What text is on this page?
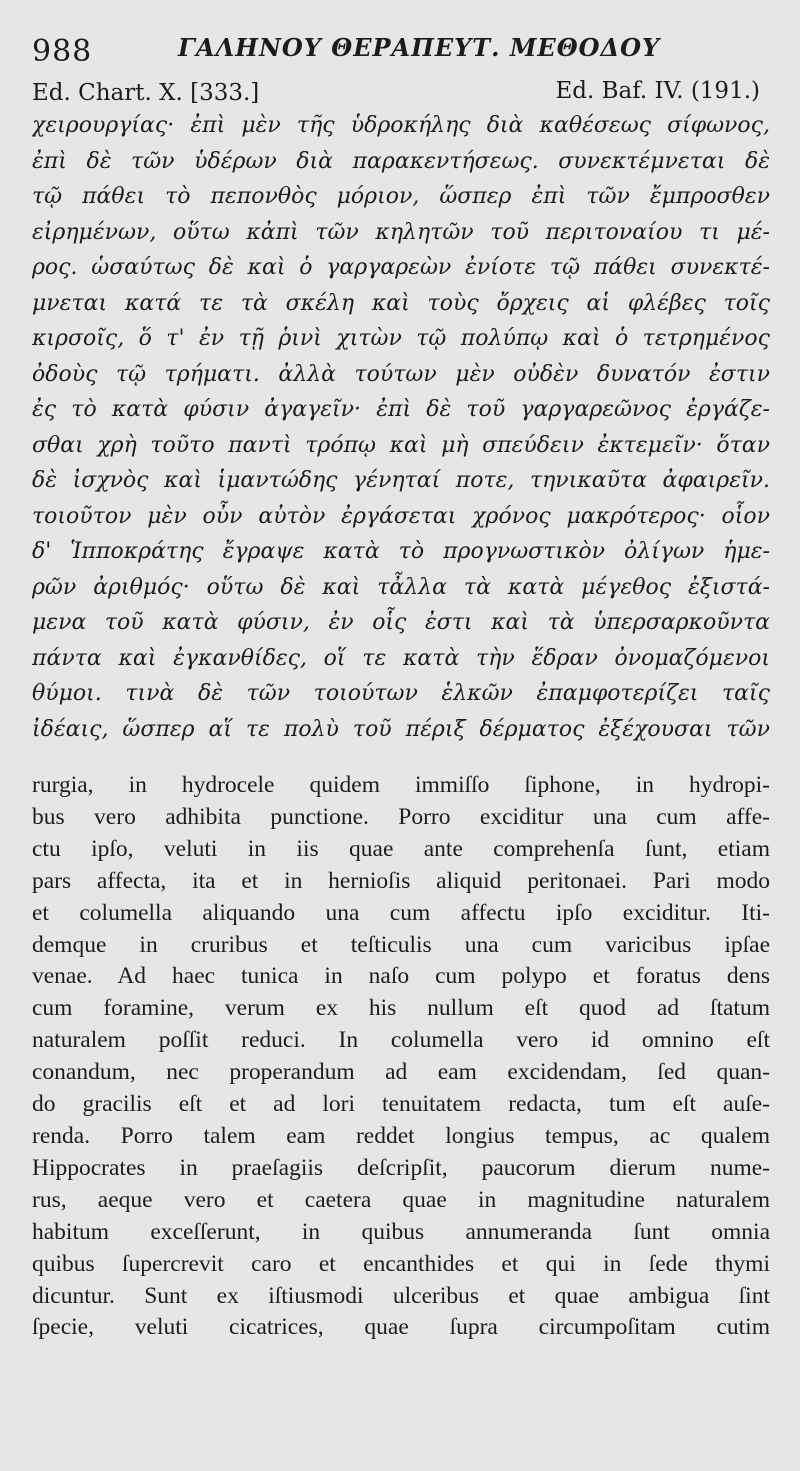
988	ΓΑΛΗΝΟΥ ΘΕΡΑΠΕΥΤ. ΜΕΘΟΔΟΥ
Ed. Chart. X. [333.]	Ed. Baf. IV. (191.)
χειρουργίας· ἐπὶ μὲν τῆς ὑδροκήλης διὰ καθέσεως σίφωνος,
ἐπὶ δὲ τῶν ὑδέρων διὰ παρακεντήσεως. συνεκτέμνεται δὲ
τῷ πάθει τὸ πεπονθὸς μόριον, ὥσπερ ἐπὶ τῶν ἔμπροσθεν
εἰρημένων, οὕτω κἀπὶ τῶν κηλητῶν τοῦ περιτοναίου τι μέ-
ρος. ὡσαύτως δὲ καὶ ὁ γαργαρεὼν ἐνίοτε τῷ πάθει συνεκτέ-
μνεται κατά τε τὰ σκέλη καὶ τοὺς ὄρχεις αἱ φλέβες τοῖς
κιρσοῖς, ὅ τ' ἐν τῇ ῥινὶ χιτὼν τῷ πολύπῳ καὶ ὁ τετρημένος
ὀδοὺς τῷ τρήματι. ἀλλὰ τούτων μὲν οὐδὲν δυνατόν ἐστιν
ἐς τὸ κατὰ φύσιν ἀγαγεῖν· ἐπὶ δὲ τοῦ γαργαρεῶνος ἐργάζε-
σθαι χρὴ τοῦτο παντὶ τρόπῳ καὶ μὴ σπεύδειν ἐκτεμεῖν· ὅταν
δὲ ἰσχνὸς καὶ ἱμαντώδης γένηταί ποτε, τηνικαῦτα ἀφαιρεῖν.
τοιοῦτον μὲν οὖν αὐτὸν ἐργάσεται χρόνος μακρότερος· οἷον
δ' Ἱπποκράτης ἔγραψε κατὰ τὸ προγνωστικὸν ὀλίγων ἡμε-
ρῶν ἀριθμός· οὕτω δὲ καὶ τἆλλα τὰ κατὰ μέγεθος ἐξιστά-
μενα τοῦ κατὰ φύσιν, ἐν οἷς ἐστι καὶ τὰ ὑπερσαρκοῦντα
πάντα καὶ ἐγκανθίδες, οἵ τε κατὰ τὴν ἕδραν ὀνομαζόμενοι
θύμοι. τινὰ δὲ τῶν τοιούτων ἑλκῶν ἐπαμφοτερίζει ταῖς
ἰδέαις, ὥσπερ αἵ τε πολὺ τοῦ πέριξ δέρματος ἐξέχουσαι τῶν
rurgia, in hydrocele quidem immiſſo ſiphone, in hydropi-
bus vero adhibita punctione. Porro exciditur una cum affe-
ctu ipſo, veluti in iis quae ante comprehenſa ſunt, etiam
pars affecta, ita et in hernioſis aliquid peritonaei. Pari modo
et columella aliquando una cum affectu ipſo exciditur. Iti-
demque in cruribus et teſticulis una cum varicibus ipſae
venae. Ad haec tunica in naſo cum polypo et foratus dens
cum foramine, verum ex his nullum eſt quod ad ſtatum
naturalem poſſit reduci. In columella vero id omnino eſt
conandum, nec properandum ad eam excidendam, ſed quan-
do gracilis eſt et ad lori tenuitatem redacta, tum eſt auſe-
renda. Porro talem eam reddet longius tempus, ac qualem
Hippocrates in praeſagiis deſcripſit, paucorum dierum nume-
rus, aeque vero et caetera quae in magnitudine naturalem
habitum exceſſerunt, in quibus annumeranda ſunt omnia
quibus ſupercrevit caro et encanthides et qui in ſede thymi
dicuntur. Sunt ex iſtiusmodi ulceribus et quae ambigua ſint
ſpecie, veluti cicatrices, quae ſupra circumpoſitam cutim
